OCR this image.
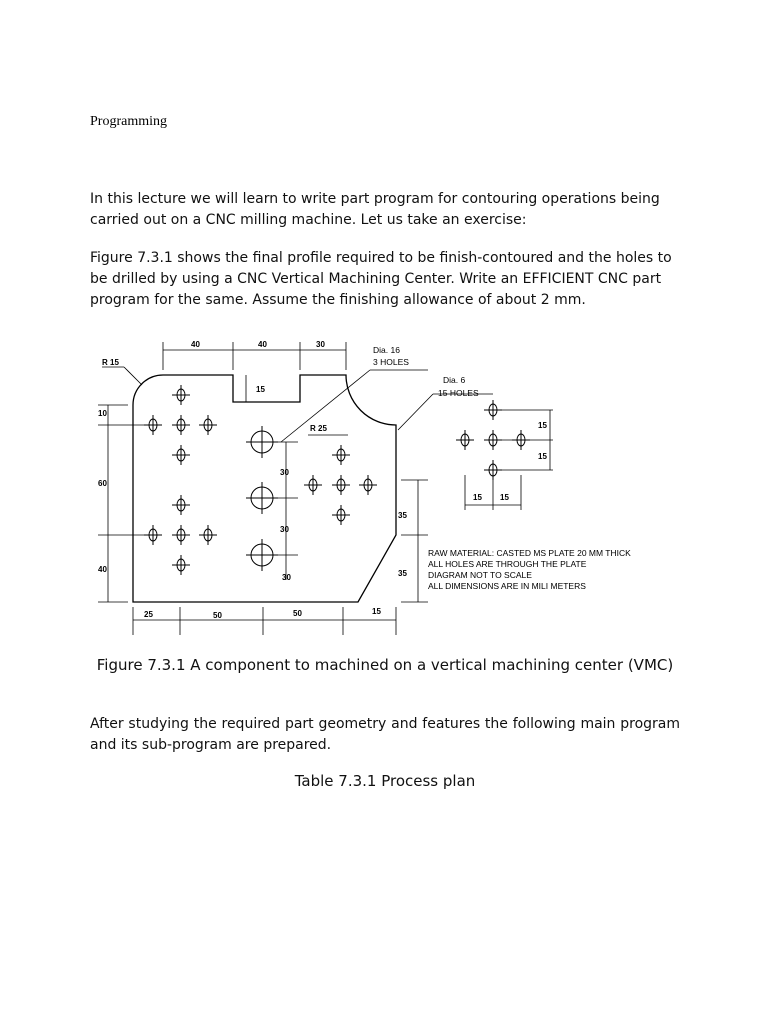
Programming
In this lecture we will learn to write part program for contouring operations being carried out on a CNC milling machine. Let us take an exercise:
Figure 7.3.1 shows the final profile required to be finish-contoured and the holes to be drilled by using a CNC Vertical Machining Center. Write an EFFICIENT CNC part program for the same. Assume the finishing allowance of about 2 mm.
40	40	30
R 15
15
R 25
10
60
40
25	50	50	15
30
30
30
35
35
15
15
15 15
Dia. 16
3 HOLES
Dia. 6
15 HOLES
RAW MATERIAL: CASTED MS PLATE 20 MM THICK
ALL HOLES ARE THROUGH THE PLATE
DIAGRAM NOT TO SCALE
ALL DIMENSIONS ARE IN MILI METERS
Figure 7.3.1 A component to machined on a vertical machining center (VMC)
After studying the required part geometry and features the following main program and its sub-program are prepared.
Table 7.3.1 Process plan
